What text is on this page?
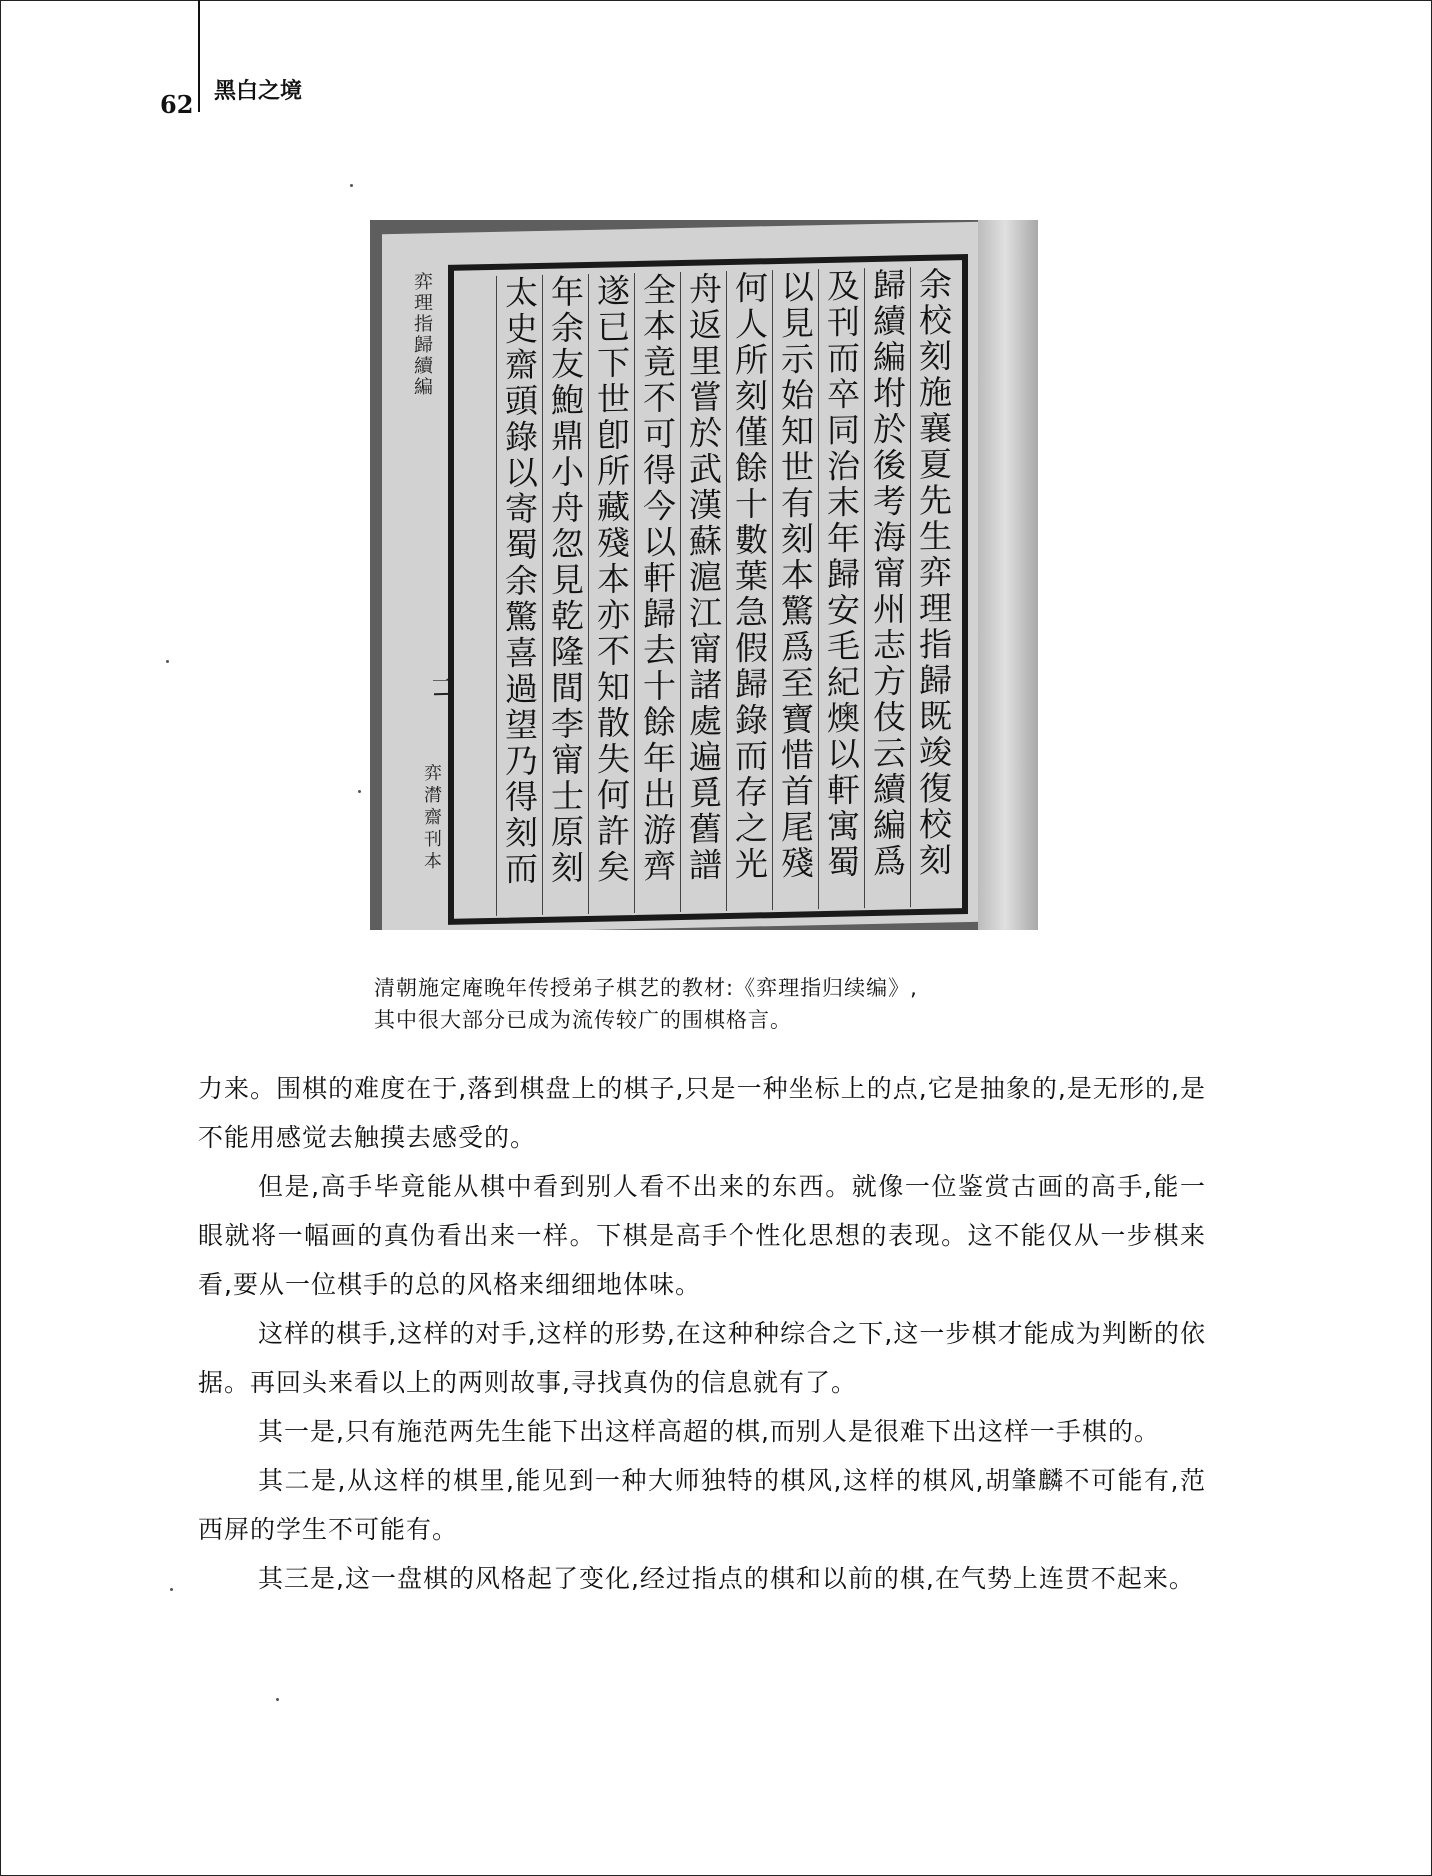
62 黑白之境
弈理指歸續編
弈潸齋刊本	余校刻施襄夏先生弈理指歸既竣復校刻先生弈理指
歸續編坿於後考海甯州志方伎云續編爲入門妙訣未
及刊而卒同治末年歸安毛紀燠以軒寓蜀藏有是譜出
以見示始知世有刻本驚爲至寶惜首尾殘闕不知何時
何人所刻僅餘十數葉急假歸錄而存之光緒乙亥余扁
舟返里嘗於武漢蘇滬江甯諸處遍覓舊譜冀一遇是編
全本竟不可得今以軒歸去十餘年出游齊魯寄居蘇州
遂已下世卽所藏殘本亦不知散失何許矣深爲可惜今
年余友鮑鼎小舟忽見乾隆間李甯士原刻本於黃仲弢
太史齋頭錄以寄蜀余驚喜過望乃得刻而傳之其中題
一
清朝施定庵晚年传授弟子棋艺的教材:《弈理指归续编》,
其中很大部分已成为流传较广的围棋格言。

力来。围棋的难度在于,落到棋盘上的棋子,只是一种坐标上的点,它是抽象的,是无形的,是不能用感觉去触摸去感受的。

但是,高手毕竟能从棋中看到别人看不出来的东西。就像一位鉴赏古画的高手,能一眼就将一幅画的真伪看出来一样。下棋是高手个性化思想的表现。这不能仅从一步棋来看,要从一位棋手的总的风格来细细地体味。

这样的棋手,这样的对手,这样的形势,在这种种综合之下,这一步棋才能成为判断的依据。再回头来看以上的两则故事,寻找真伪的信息就有了。

其一是,只有施范两先生能下出这样高超的棋,而别人是很难下出这样一手棋的。

其二是,从这样的棋里,能见到一种大师独特的棋风,这样的棋风,胡肇麟不可能有,范西屏的学生不可能有。

其三是,这一盘棋的风格起了变化,经过指点的棋和以前的棋,在气势上连贯不起来。
